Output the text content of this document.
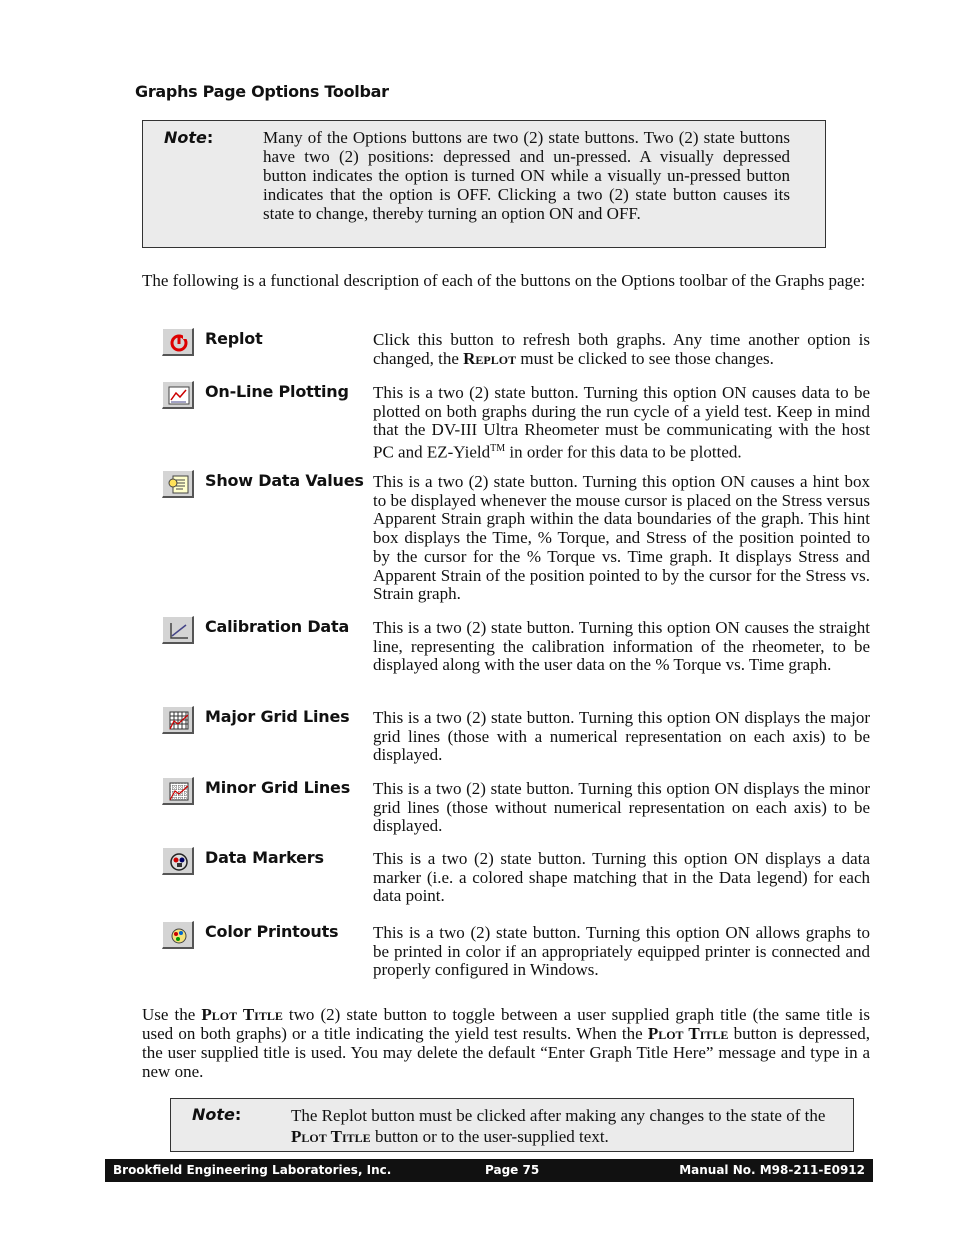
Graphs Page Options Toolbar
Note:	Many of the Options buttons are two (2) state buttons. Two (2) state buttons have two (2) positions: depressed and un-pressed. A visually depressed button indicates the option is turned ON while a visually un-pressed button indicates that the option is OFF. Clicking a two (2) state button causes its state to change, thereby turning an option ON and OFF.
The following is a functional description of each of the buttons on the Options toolbar of the Graphs page:
Replot	Click this button to refresh both graphs. Any time another option is changed, the Replot must be clicked to see those changes.
On-Line Plotting This is a two (2) state button. Turning this option ON causes data to be plotted on both graphs during the run cycle of a yield test. Keep in mind that the DV-III Ultra Rheometer must be communicating with the host PC and EZ-Yield™ in order for this data to be plotted.
Show Data Values This is a two (2) state button. Turning this option ON causes a hint box to be displayed whenever the mouse cursor is placed on the Stress versus Apparent Strain graph within the data boundaries of the graph. This hint box displays the Time, % Torque, and Stress of the position pointed to by the cursor for the % Torque vs. Time graph. It displays Stress and Apparent Strain of the position pointed to by the cursor for the Stress vs. Strain graph.
Calibration Data This is a two (2) state button. Turning this option ON causes the straight line, representing the calibration information of the rheometer, to be displayed along with the user data on the % Torque vs. Time graph.
Major Grid Lines This is a two (2) state button. Turning this option ON displays the major grid lines (those with a numerical representation on each axis) to be displayed.
Minor Grid Lines This is a two (2) state button. Turning this option ON displays the minor grid lines (those without numerical representation on each axis) to be displayed.
Data Markers	This is a two (2) state button. Turning this option ON displays a data marker (i.e. a colored shape matching that in the Data legend) for each data point.
Color Printouts This is a two (2) state button. Turning this option ON allows graphs to be printed in color if an appropriately equipped printer is connected and properly configured in Windows.
Use the Plot Title two (2) state button to toggle between a user supplied graph title (the same title is used on both graphs) or a title indicating the yield test results. When the Plot Title button is depressed, the user supplied title is used. You may delete the default “Enter Graph Title Here” message and type in a new one.
Note:	The Replot button must be clicked after making any changes to the state of the Plot Title button or to the user-supplied text.
Brookfield Engineering Laboratories, Inc.	Page 75	Manual No. M98-211-E0912
